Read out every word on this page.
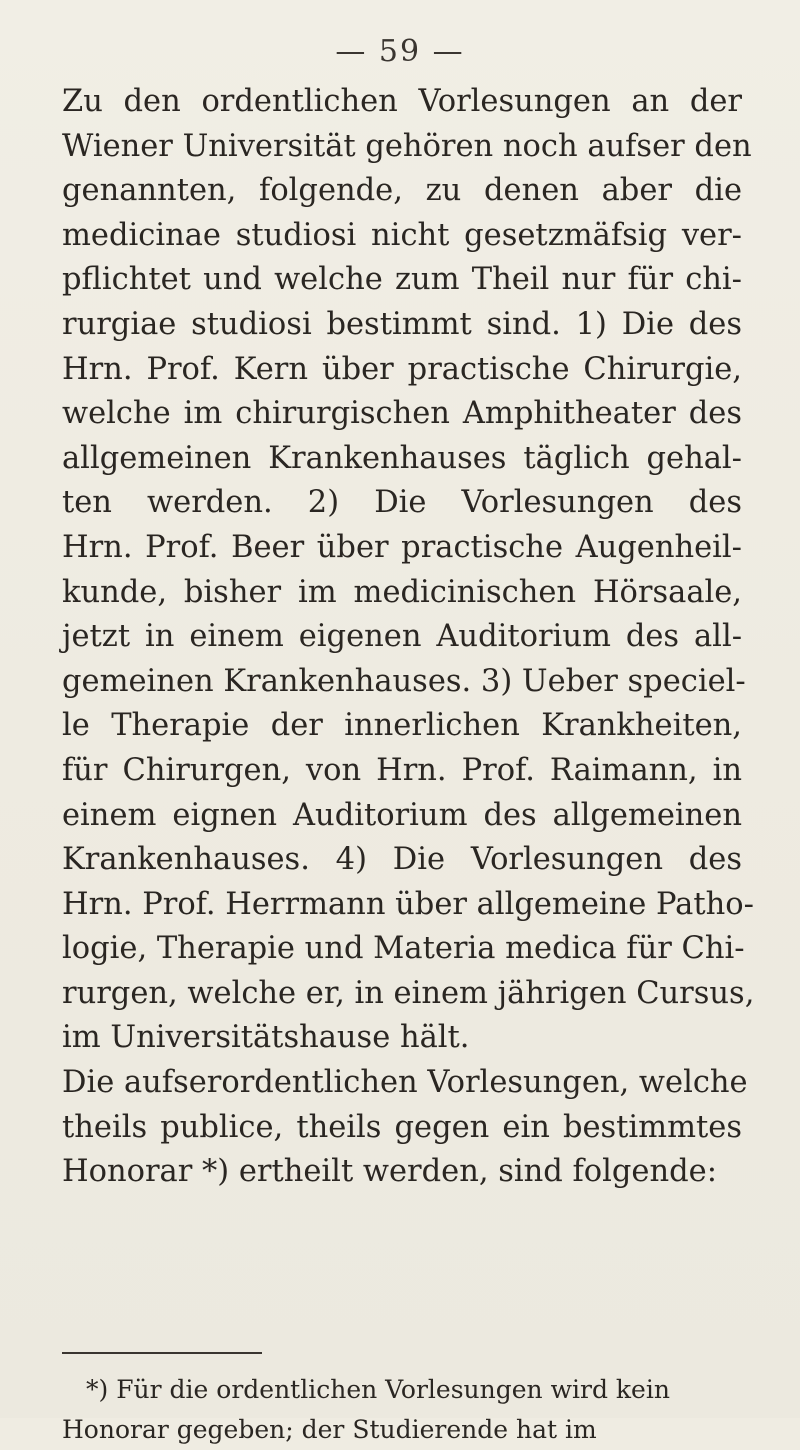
— 59 —
Zu den ordentlichen Vorlesungen an der
Wiener Universität gehören noch aufser den
genannten, folgende, zu denen aber die
medicinae studiosi nicht gesetzmäfsig ver-
pflichtet und welche zum Theil nur für chi-
rurgiae studiosi bestimmt sind. 1) Die des
Hrn. Prof. Kern über practische Chirurgie,
welche im chirurgischen Amphitheater des
allgemeinen Krankenhauses täglich gehal-
ten werden. 2) Die Vorlesungen des
Hrn. Prof. Beer über practische Augenheil-
kunde, bisher im medicinischen Hörsaale,
jetzt in einem eigenen Auditorium des all-
gemeinen Krankenhauses. 3) Ueber speciel-
le Therapie der innerlichen Krankheiten,
für Chirurgen, von Hrn. Prof. Raimann, in
einem eignen Auditorium des allgemeinen
Krankenhauses. 4) Die Vorlesungen des
Hrn. Prof. Herrmann über allgemeine Patho-
logie, Therapie und Materia medica für Chi-
rurgen, welche er, in einem jährigen Cursus,
im Universitätshause hält.
Die aufserordentlichen Vorlesungen, welche
theils publice, theils gegen ein bestimmtes
Honorar *) ertheilt werden, sind folgende:
*) Für die ordentlichen Vorlesungen wird kein
Honorar gegeben; der Studierende hat im
